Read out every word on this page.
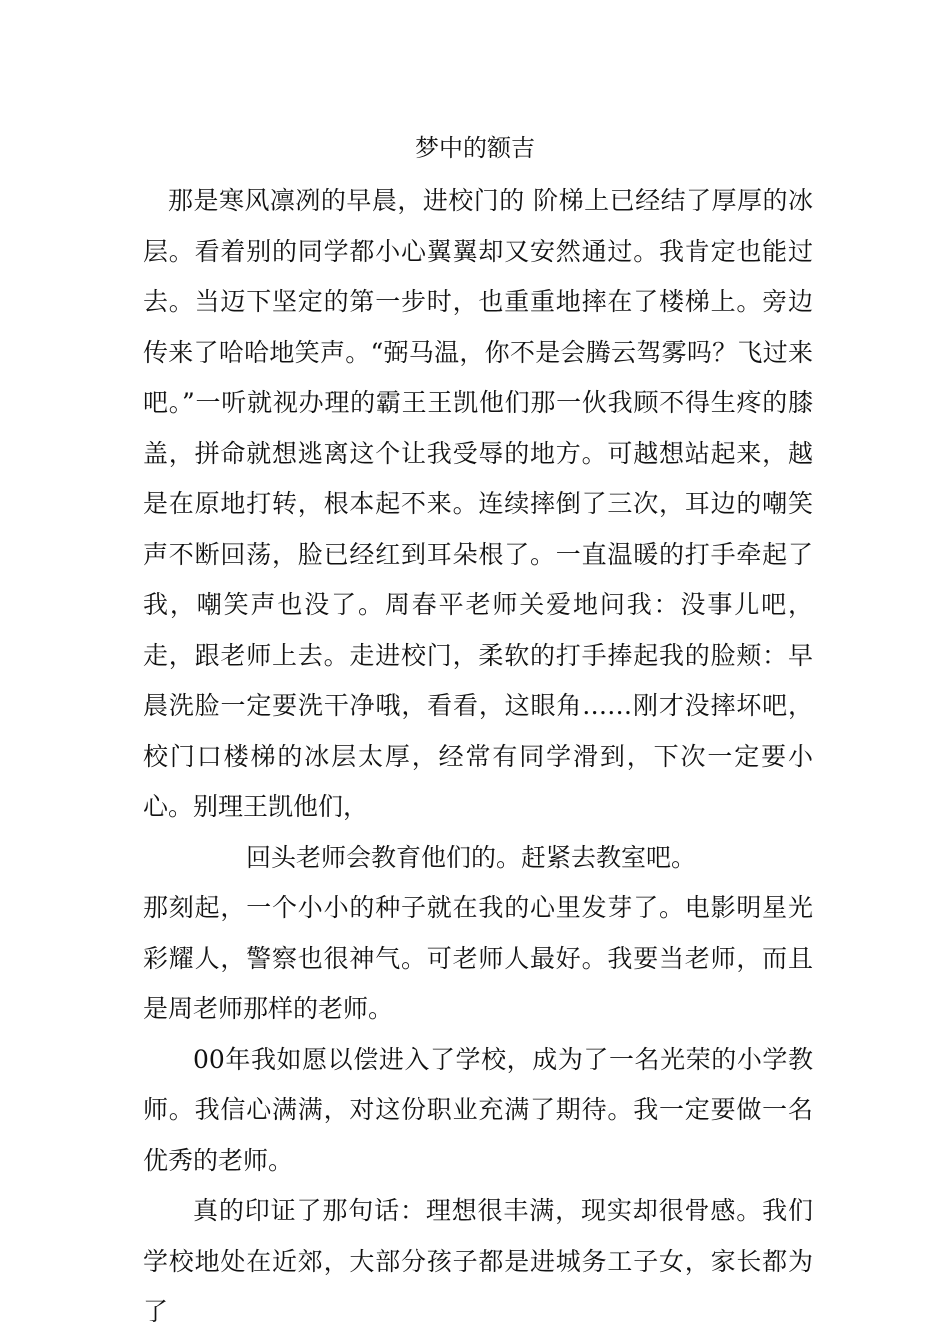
梦中的额吉

那是寒风凛冽的早晨，进校门的 阶梯上已经结了厚厚的冰层。看着别的同学都小心翼翼却又安然通过。我肯定也能过去。当迈下坚定的第一步时，也重重地摔在了楼梯上。旁边传来了哈哈地笑声。“弼马温，你不是会腾云驾雾吗？飞过来吧。”一听就视办理的霸王王凯他们那一伙我顾不得生疼的膝盖，拼命就想逃离这个让我受辱的地方。可越想站起来，越是在原地打转，根本起不来。连续摔倒了三次，耳边的嘲笑声不断回荡，脸已经红到耳朵根了。一直温暖的打手牵起了我，嘲笑声也没了。周春平老师关爱地问我：没事儿吧，走，跟老师上去。走进校门，柔软的打手捧起我的脸颊：早晨洗脸一定要洗干净哦，看看，这眼角……刚才没摔坏吧，校门口楼梯的冰层太厚，经常有同学滑到，下次一定要小心。别理王凯他们，

回头老师会教育他们的。赶紧去教室吧。

那刻起，一个小小的种子就在我的心里发芽了。电影明星光彩耀人，警察也很神气。可老师人最好。我要当老师，而且是周老师那样的老师。

00年我如愿以偿进入了学校，成为了一名光荣的小学教师。我信心满满，对这份职业充满了期待。我一定要做一名优秀的老师。

真的印证了那句话：理想很丰满，现实却很骨感。我们学校地处在近郊，大部分孩子都是进城务工子女，家长都为了
